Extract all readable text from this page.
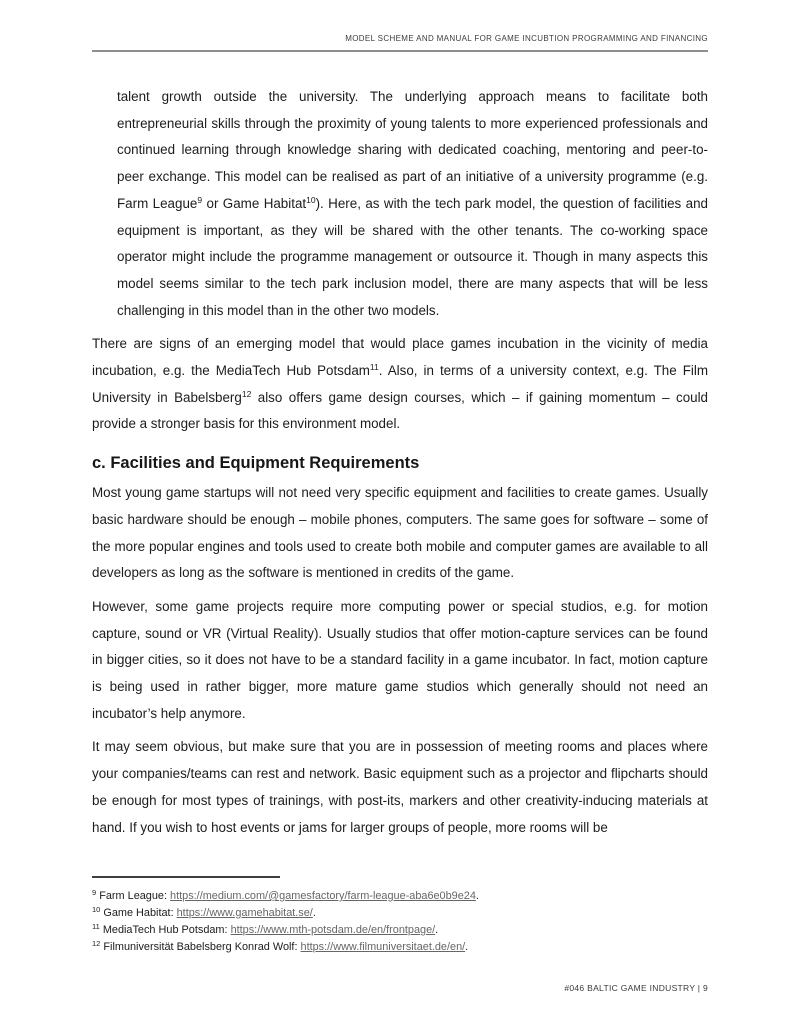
MODEL SCHEME AND MANUAL FOR GAME INCUBTION PROGRAMMING AND FINANCING

talent growth outside the university. The underlying approach means to facilitate both entrepreneurial skills through the proximity of young talents to more experienced professionals and continued learning through knowledge sharing with dedicated coaching, mentoring and peer-to-peer exchange. This model can be realised as part of an initiative of a university programme (e.g. Farm League$^9$ or Game Habitat$^{10}$). Here, as with the tech park model, the question of facilities and equipment is important, as they will be shared with the other tenants. The co-working space operator might include the programme management or outsource it. Though in many aspects this model seems similar to the tech park inclusion model, there are many aspects that will be less challenging in this model than in the other two models.

There are signs of an emerging model that would place games incubation in the vicinity of media incubation, e.g. the MediaTech Hub Potsdam$^{11}$. Also, in terms of a university context, e.g. The Film University in Babelsberg$^{12}$ also offers game design courses, which – if gaining momentum – could provide a stronger basis for this environment model.

c. Facilities and Equipment Requirements

Most young game startups will not need very specific equipment and facilities to create games. Usually basic hardware should be enough – mobile phones, computers. The same goes for software – some of the more popular engines and tools used to create both mobile and computer games are available to all developers as long as the software is mentioned in credits of the game.

However, some game projects require more computing power or special studios, e.g. for motion capture, sound or VR (Virtual Reality). Usually studios that offer motion-capture services can be found in bigger cities, so it does not have to be a standard facility in a game incubator. In fact, motion capture is being used in rather bigger, more mature game studios which generally should not need an incubator’s help anymore.

It may seem obvious, but make sure that you are in possession of meeting rooms and places where your companies/teams can rest and network. Basic equipment such as a projector and flipcharts should be enough for most types of trainings, with post-its, markers and other creativity-inducing materials at hand. If you wish to host events or jams for larger groups of people, more rooms will be

$^9$ Farm League: https://medium.com/@gamesfactory/farm-league-aba6e0b9e24.
$^{10}$ Game Habitat: https://www.gamehabitat.se/.
$^{11}$ MediaTech Hub Potsdam: https://www.mth-potsdam.de/en/frontpage/.
$^{12}$ Filmuniversität Babelsberg Konrad Wolf: https://www.filmuniversitaet.de/en/.
#046 BALTIC GAME INDUSTRY | 9
